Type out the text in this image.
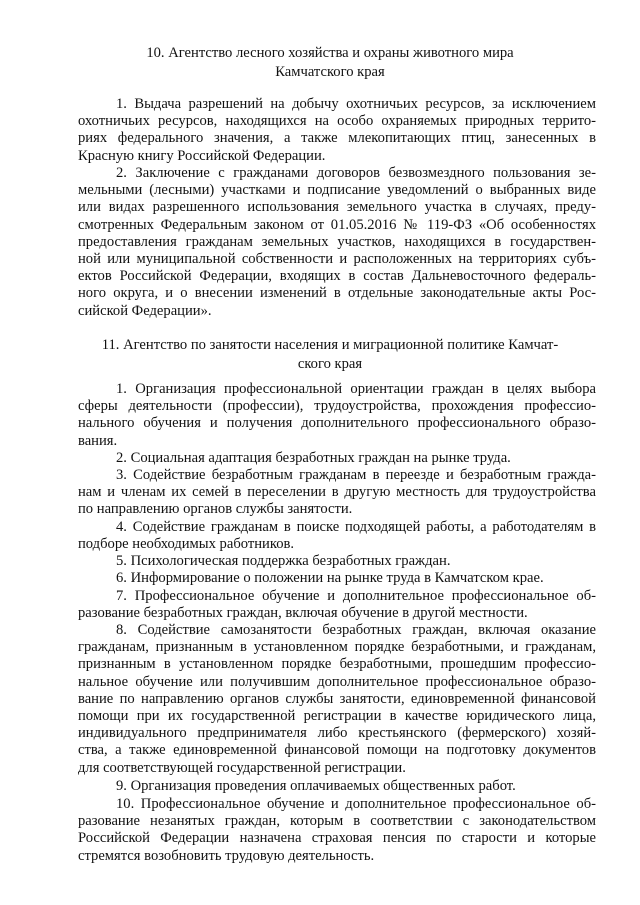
10. Агентство лесного хозяйства и охраны животного мира
Камчатского края

1. Выдача разрешений на добычу охотничьих ресурсов, за исключением
охотничьих ресурсов, находящихся на особо охраняемых природных террито-
риях федерального значения, а также млекопитающих птиц, занесенных в
Красную книгу Российской Федерации.

2. Заключение с гражданами договоров безвозмездного пользования зе-
мельными (лесными) участками и подписание уведомлений о выбранных виде
или видах разрешенного использования земельного участка в случаях, преду-
смотренных Федеральным законом от 01.05.2016 № 119-ФЗ «Об особенностях
предоставления гражданам земельных участков, находящихся в государствен-
ной или муниципальной собственности и расположенных на территориях субъ-
ектов Российской Федерации, входящих в состав Дальневосточного федераль-
ного округа, и о внесении изменений в отдельные законодательные акты Рос-
сийской Федерации».

11. Агентство по занятости населения и миграционной политике Камчат-
ского края

1. Организация профессиональной ориентации граждан в целях выбора
сферы деятельности (профессии), трудоустройства, прохождения профессио-
нального обучения и получения дополнительного профессионального образо-
вания.

2. Социальная адаптация безработных граждан на рынке труда.

3. Содействие безработным гражданам в переезде и безработным гражда-
нам и членам их семей в переселении в другую местность для трудоустройства
по направлению органов службы занятости.

4. Содействие гражданам в поиске подходящей работы, а работодателям в
подборе необходимых работников.

5. Психологическая поддержка безработных граждан.

6. Информирование о положении на рынке труда в Камчатском крае.

7. Профессиональное обучение и дополнительное профессиональное об-
разование безработных граждан, включая обучение в другой местности.

8. Содействие самозанятости безработных граждан, включая оказание
гражданам, признанным в установленном порядке безработными, и гражданам,
признанным в установленном порядке безработными, прошедшим профессио-
нальное обучение или получившим дополнительное профессиональное образо-
вание по направлению органов службы занятости, единовременной финансовой
помощи при их государственной регистрации в качестве юридического лица,
индивидуального предпринимателя либо крестьянского (фермерского) хозяй-
ства, а также единовременной финансовой помощи на подготовку документов
для соответствующей государственной регистрации.

9. Организация проведения оплачиваемых общественных работ.

10. Профессиональное обучение и дополнительное профессиональное об-
разование незанятых граждан, которым в соответствии с законодательством
Российской Федерации назначена страховая пенсия по старости и которые
стремятся возобновить трудовую деятельность.
